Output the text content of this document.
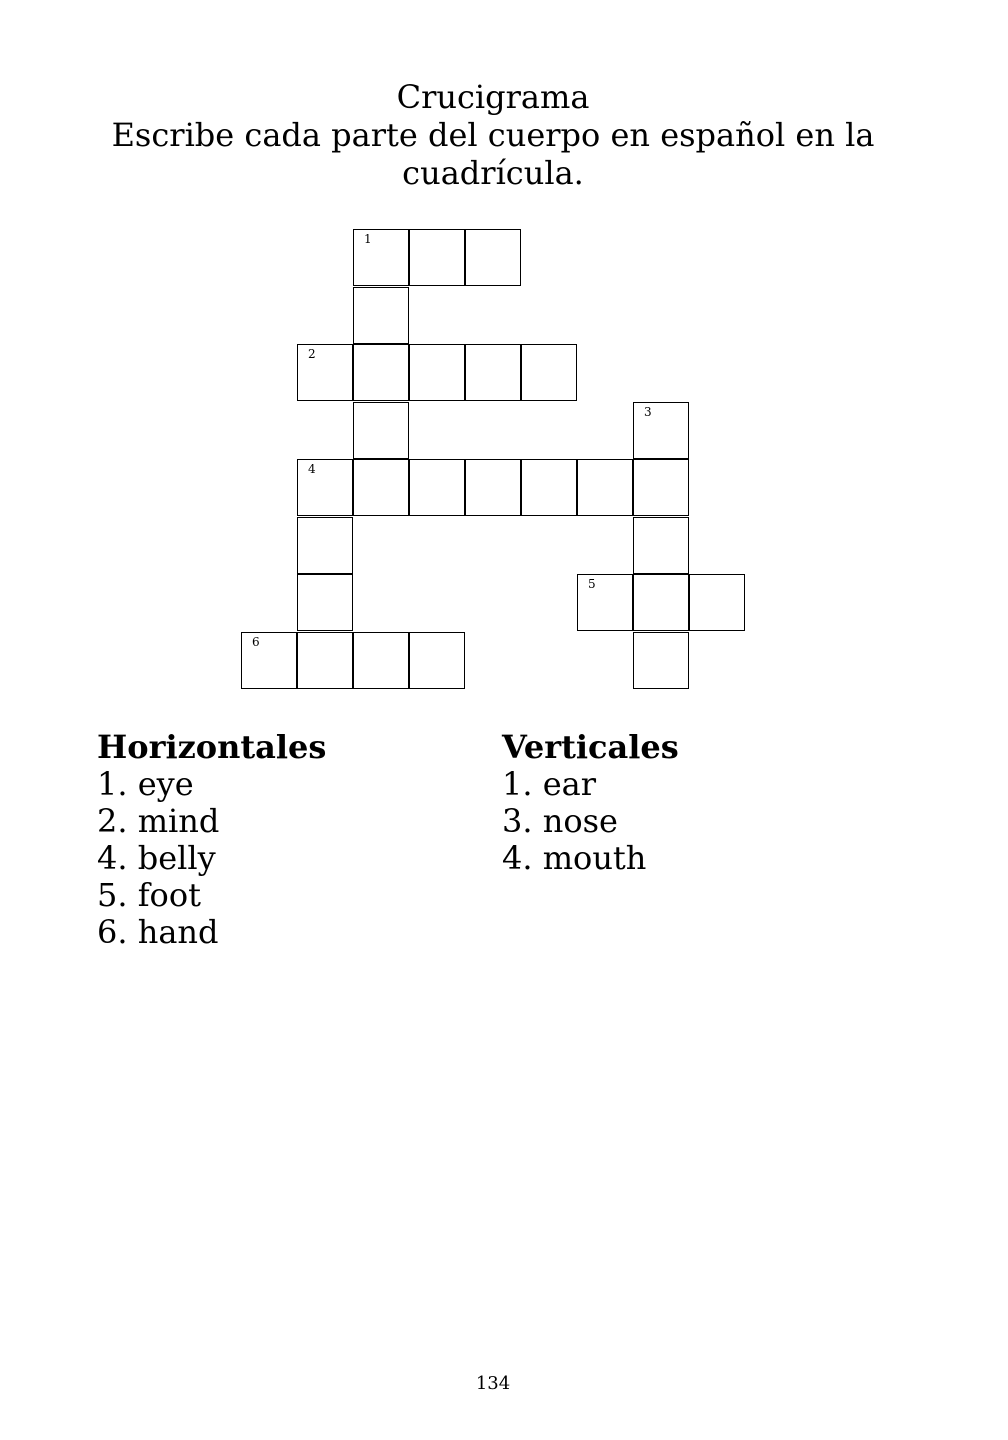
Crucigrama
Escribe cada parte del cuerpo en español en la
cuadrícula.
1
2
3
4
5
6
Horizontales
1. eye
2. mind
4. belly
5. foot
6. hand
Verticales
1. ear
3. nose
4. mouth
134
